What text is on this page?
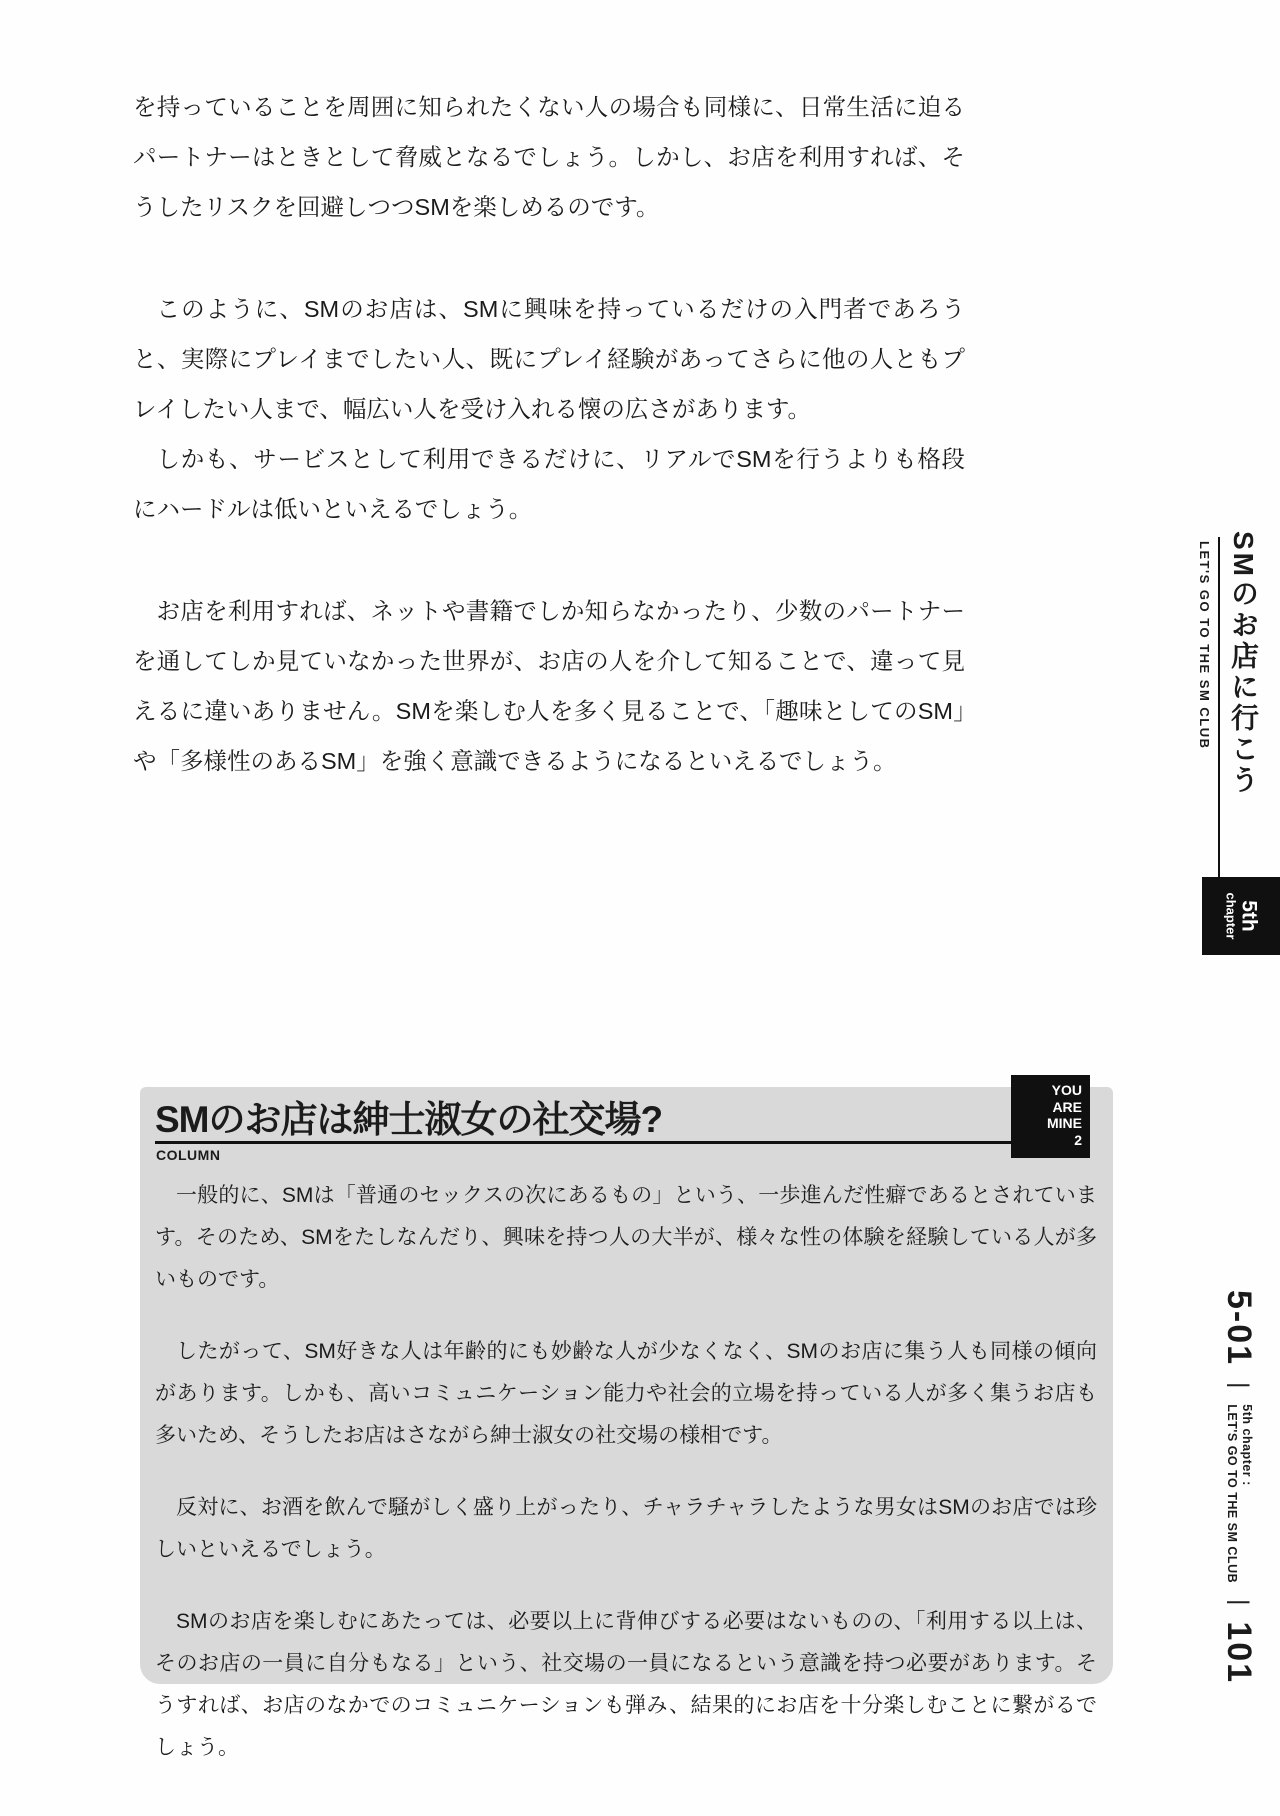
を持っていることを周囲に知られたくない人の場合も同様に、日常生活に迫るパートナーはときとして脅威となるでしょう。しかし、お店を利用すれば、そうしたリスクを回避しつつSMを楽しめるのです。

このように、SMのお店は、SMに興味を持っているだけの入門者であろうと、実際にプレイまでしたい人、既にプレイ経験があってさらに他の人ともプレイしたい人まで、幅広い人を受け入れる懐の広さがあります。

しかも、サービスとして利用できるだけに、リアルでSMを行うよりも格段にハードルは低いといえるでしょう。

お店を利用すれば、ネットや書籍でしか知らなかったり、少数のパートナーを通してしか見ていなかった世界が、お店の人を介して知ることで、違って見えるに違いありません。SMを楽しむ人を多く見ることで、「趣味としてのSM」や「多様性のあるSM」を強く意識できるようになるといえるでしょう。

LET'S GO TO THE SM CLUB SMのお店に行こう
5th
chapter
SMのお店は紳士淑女の社交場?
COLUMN

一般的に、SMは「普通のセックスの次にあるもの」という、一歩進んだ性癖であるとされています。そのため、SMをたしなんだり、興味を持つ人の大半が、様々な性の体験を経験している人が多いものです。

したがって、SM好きな人は年齢的にも妙齢な人が少なくなく、SMのお店に集う人も同様の傾向があります。しかも、高いコミュニケーション能力や社会的立場を持っている人が多く集うお店も多いため、そうしたお店はさながら紳士淑女の社交場の様相です。

反対に、お酒を飲んで騒がしく盛り上がったり、チャラチャラしたような男女はSMのお店では珍しいといえるでしょう。

SMのお店を楽しむにあたっては、必要以上に背伸びする必要はないものの、「利用する以上は、そのお店の一員に自分もなる」という、社交場の一員になるという意識を持つ必要があります。そうすれば、お店のなかでのコミュニケーションも弾み、結果的にお店を十分楽しむことに繋がるでしょう。

YOU
ARE
MINE
2
5-01
|
5th chapter :
LET'S GO TO THE SM CLUB
|
101
